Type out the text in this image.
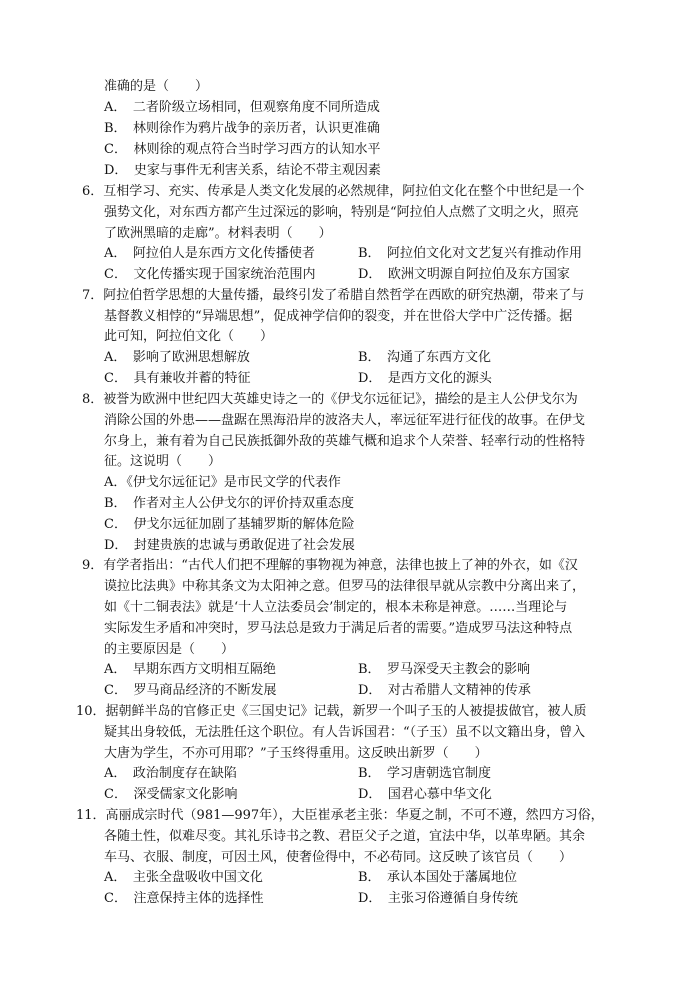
准确的是（　　）
A．　二者阶级立场相同，但观察角度不同所造成
B．　林则徐作为鸦片战争的亲历者，认识更准确
C．　林则徐的观点符合当时学习西方的认知水平
D．　史家与事件无利害关系，结论不带主观因素
6．互相学习、充实、传承是人类文化发展的必然规律，阿拉伯文化在整个中世纪是一个
强势文化，对东西方都产生过深远的影响，特别是“阿拉伯人点燃了文明之火，照亮
了欧洲黑暗的走廊”。材料表明（　　）
A．　阿拉伯人是东西方文化传播使者	B．　阿拉伯文化对文艺复兴有推动作用
C．　文化传播实现于国家统治范围内	D．　欧洲文明源自阿拉伯及东方国家
7．阿拉伯哲学思想的大量传播，最终引发了希腊自然哲学在西欧的研究热潮，带来了与
基督教义相悖的“异端思想”，促成神学信仰的裂变，并在世俗大学中广泛传播。据
此可知，阿拉伯文化（　　）
A．　影响了欧洲思想解放	B．　沟通了东西方文化
C．　具有兼收并蓄的特征	D．　是西方文化的源头
8．被誉为欧洲中世纪四大英雄史诗之一的《伊戈尔远征记》，描绘的是主人公伊戈尔为
消除公国的外患——盘踞在黑海沿岸的波洛夫人，率远征军进行征伐的故事。在伊戈
尔身上，兼有着为自己民族抵御外敌的英雄气概和追求个人荣誉、轻率行动的性格特
征。这说明（　　）
A．《伊戈尔远征记》是市民文学的代表作
B．　作者对主人公伊戈尔的评价持双重态度
C．　伊戈尔远征加剧了基辅罗斯的解体危险
D．　封建贵族的忠诚与勇敢促进了社会发展
9．有学者指出：“古代人们把不理解的事物视为神意，法律也披上了神的外衣，如《汉
谟拉比法典》中称其条文为太阳神之意。但罗马的法律很早就从宗教中分离出来了，
如《十二铜表法》就是‘十人立法委员会’制定的，根本未称是神意。……当理论与
实际发生矛盾和冲突时，罗马法总是致力于满足后者的需要。”造成罗马法这种特点
的主要原因是（　　）
A．　早期东西方文明相互隔绝	B．　罗马深受天主教会的影响
C．　罗马商品经济的不断发展	D．　对古希腊人文精神的传承
10．据朝鲜半岛的官修正史《三国史记》记载，新罗一个叫子玉的人被提拔做官，被人质
疑其出身较低，无法胜任这个职位。有人告诉国君：“（子玉）虽不以文籍出身，曾入
大唐为学生，不亦可用耶？”子玉终得重用。这反映出新罗（　　）
A．　政治制度存在缺陷	B．　学习唐朝选官制度
C．　深受儒家文化影响	D．　国君心慕中华文化
11．高丽成宗时代（981—997年），大臣崔承老主张：华夏之制，不可不遵，然四方习俗，
各随土性，似难尽变。其礼乐诗书之教、君臣父子之道，宜法中华，以革卑陋。其余
车马、衣服、制度，可因土风，使奢俭得中，不必苟同。这反映了该官员（　　）
A．　主张全盘吸收中国文化	B．　承认本国处于藩属地位
C．　注意保持主体的选择性	D．　主张习俗遵循自身传统
